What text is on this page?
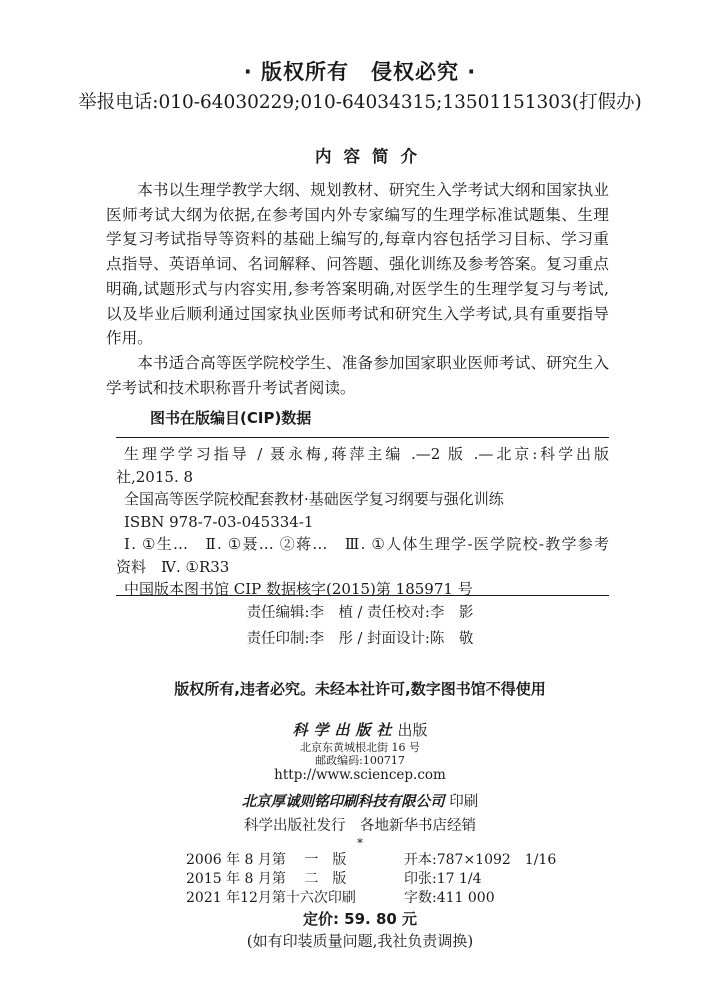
· 版权所有　侵权必究 ·
举报电话:010-64030229;010-64034315;13501151303(打假办)
内容简介

本书以生理学教学大纲、规划教材、研究生入学考试大纲和国家执业医师考试大纲为依据,在参考国内外专家编写的生理学标准试题集、生理学复习考试指导等资料的基础上编写的,每章内容包括学习目标、学习重点指导、英语单词、名词解释、问答题、强化训练及参考答案。复习重点明确,试题形式与内容实用,参考答案明确,对医学生的生理学复习与考试,以及毕业后顺利通过国家执业医师考试和研究生入学考试,具有重要指导作用。

本书适合高等医学院校学生、准备参加国家职业医师考试、研究生入学考试和技术职称晋升考试者阅读。

图书在版编目(CIP)数据
生理学学习指导 / 聂永梅,蒋萍主编 .—2 版 .—北京:科学出版
社,2015. 8
全国高等医学院校配套教材·基础医学复习纲要与强化训练
ISBN 978-7-03-045334-1
Ⅰ. ①生…　Ⅱ. ①聂… ②蒋…　Ⅲ. ①人体生理学-医学院校-教学参考
资料　Ⅳ. ①R33
中国版本图书馆 CIP 数据核字(2015)第 185971 号
责任编辑:李　植 / 责任校对:李　影
责任印制:李　彤 / 封面设计:陈　敬
版权所有,违者必究。未经本社许可,数字图书馆不得使用
科学出版社出版
北京东黄城根北街 16 号
邮政编码:100717
http://www.sciencep.com
北京厚诚则铭印刷科技有限公司 印刷
科学出版社发行　各地新华书店经销
*
2006 年 8 月第　 一　版	开本:787×1092　1/16
2015 年 8 月第　 二　版	印张:17 1/4
2021 年12月第十六次印刷	字数:411 000
定价: 59. 80 元
(如有印装质量问题,我社负责调换)
